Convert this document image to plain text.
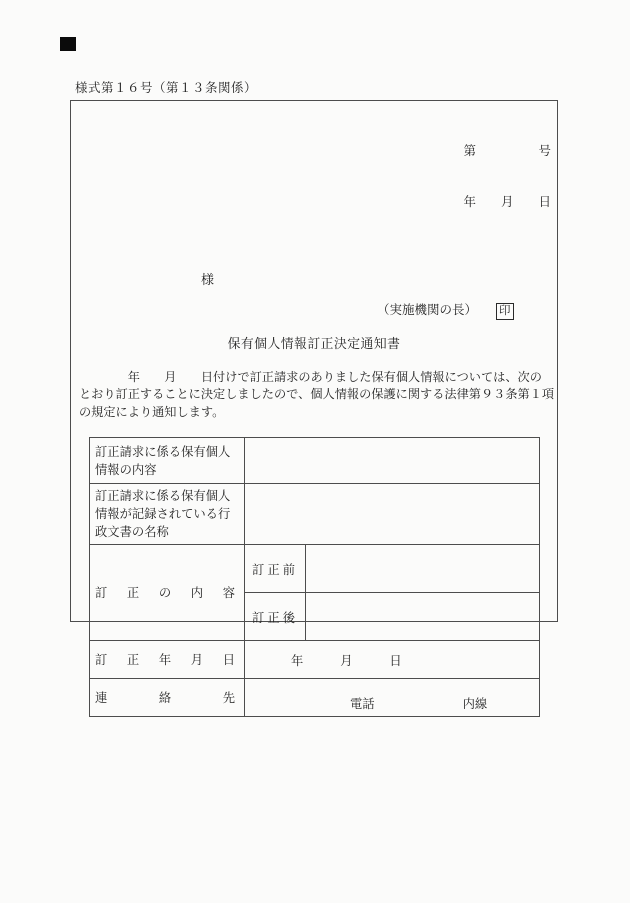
様式第１６号（第１３条関係）

第　　　　　号

年　　月　　日

様
（実施機関の長） 印
保有個人情報訂正決定通知書
　　　　年　　月　　日付けで訂正請求のありました保有個人情報については、次の
とおり訂正することに決定しましたので、個人情報の保護に関する法律第９３条第１項
の規定により通知します。
訂正請求に係る保有個人情報の内容		
訂正請求に係る保有個人情報が記録されている行政文書の名称		
訂 正 の 内 容	訂 正 前	
	訂 正 後	
訂 正 年 月 日	年　　　月　　　日	
連 絡 先	電話 内線	
